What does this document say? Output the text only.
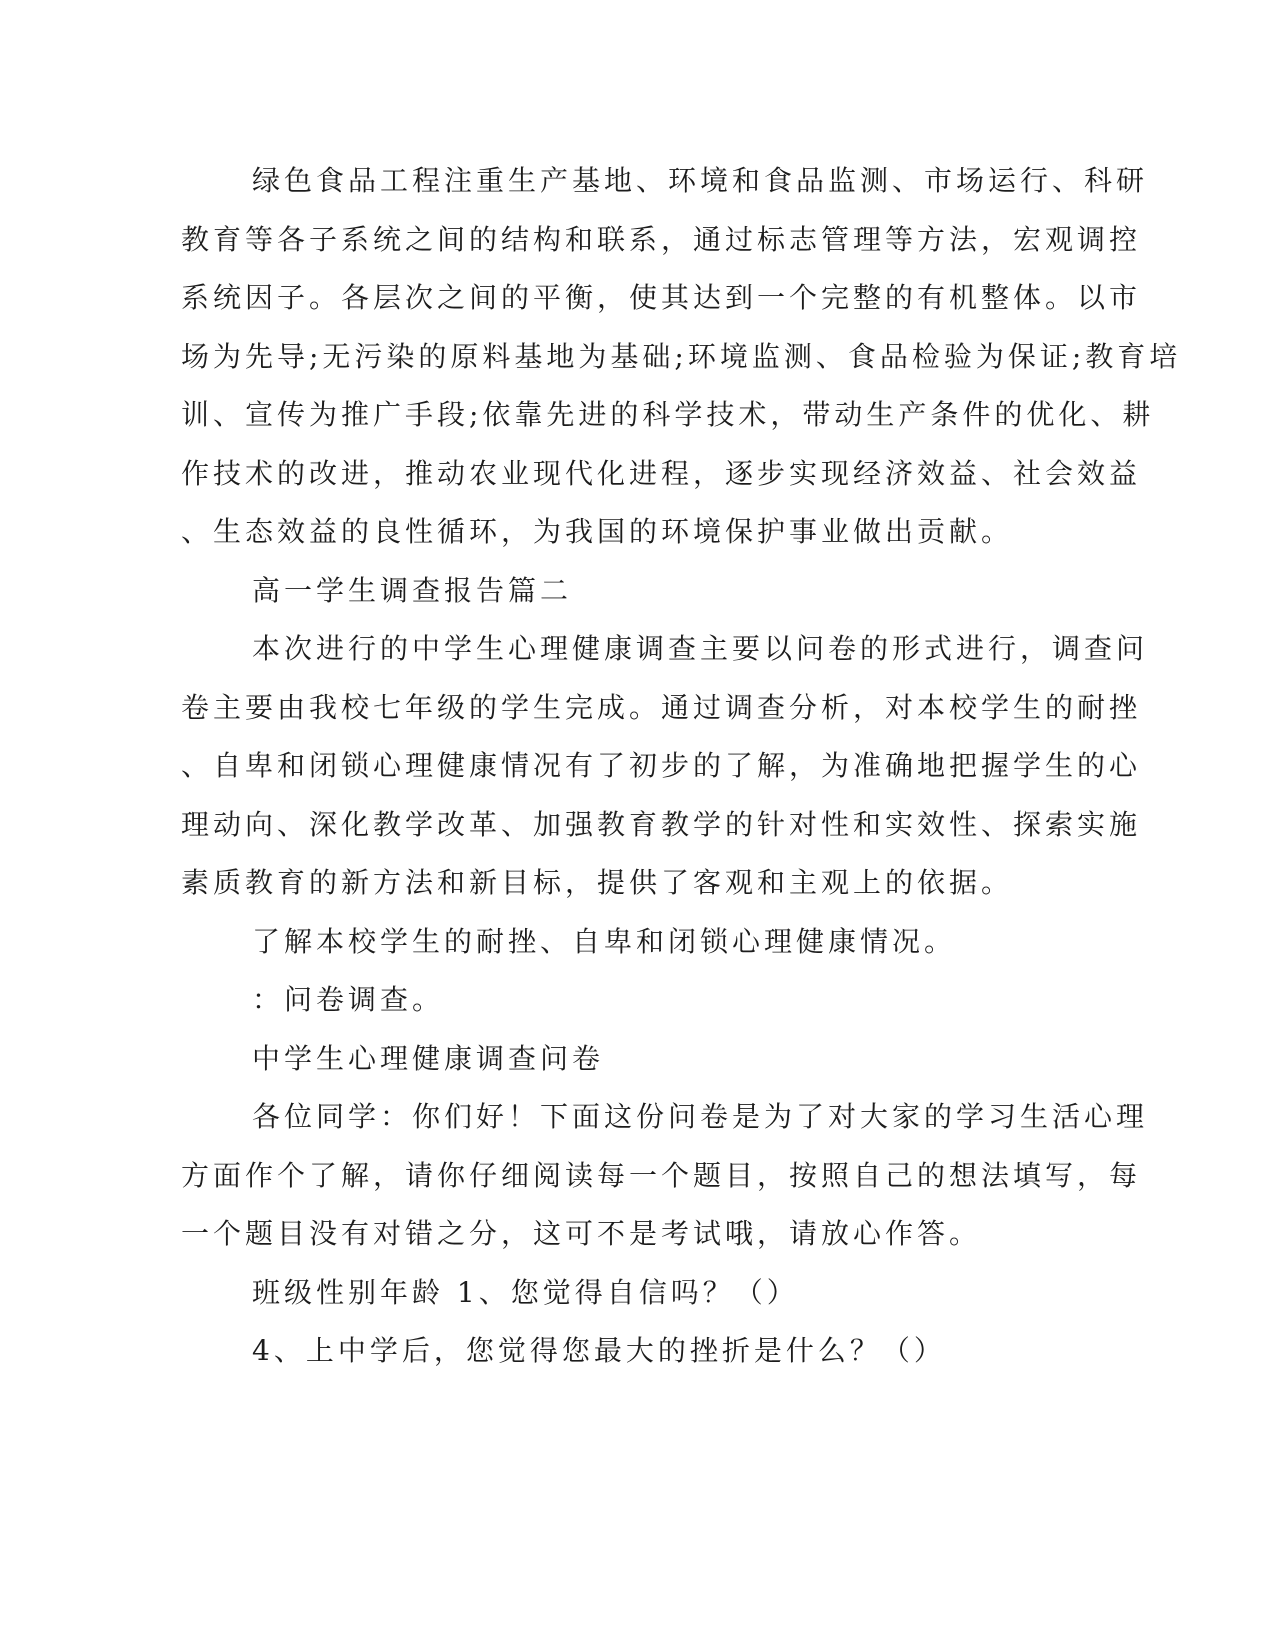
绿色食品工程注重生产基地、环境和食品监测、市场运行、科研
教育等各子系统之间的结构和联系，通过标志管理等方法，宏观调控
系统因子。各层次之间的平衡，使其达到一个完整的有机整体。以市
场为先导;无污染的原料基地为基础;环境监测、食品检验为保证;教育培
训、宣传为推广手段;依靠先进的科学技术，带动生产条件的优化、耕
作技术的改进，推动农业现代化进程，逐步实现经济效益、社会效益
、生态效益的良性循环，为我国的环境保护事业做出贡献。
高一学生调查报告篇二
本次进行的中学生心理健康调查主要以问卷的形式进行，调查问
卷主要由我校七年级的学生完成。通过调查分析，对本校学生的耐挫
、自卑和闭锁心理健康情况有了初步的了解，为准确地把握学生的心
理动向、深化教学改革、加强教育教学的针对性和实效性、探索实施
素质教育的新方法和新目标，提供了客观和主观上的依据。
了解本校学生的耐挫、自卑和闭锁心理健康情况。
：问卷调查。
中学生心理健康调查问卷
各位同学：你们好！下面这份问卷是为了对大家的学习生活心理
方面作个了解，请你仔细阅读每一个题目，按照自己的想法填写，每
一个题目没有对错之分，这可不是考试哦，请放心作答。
班级性别年龄 1、您觉得自信吗？（）
4、上中学后，您觉得您最大的挫折是什么？（）
